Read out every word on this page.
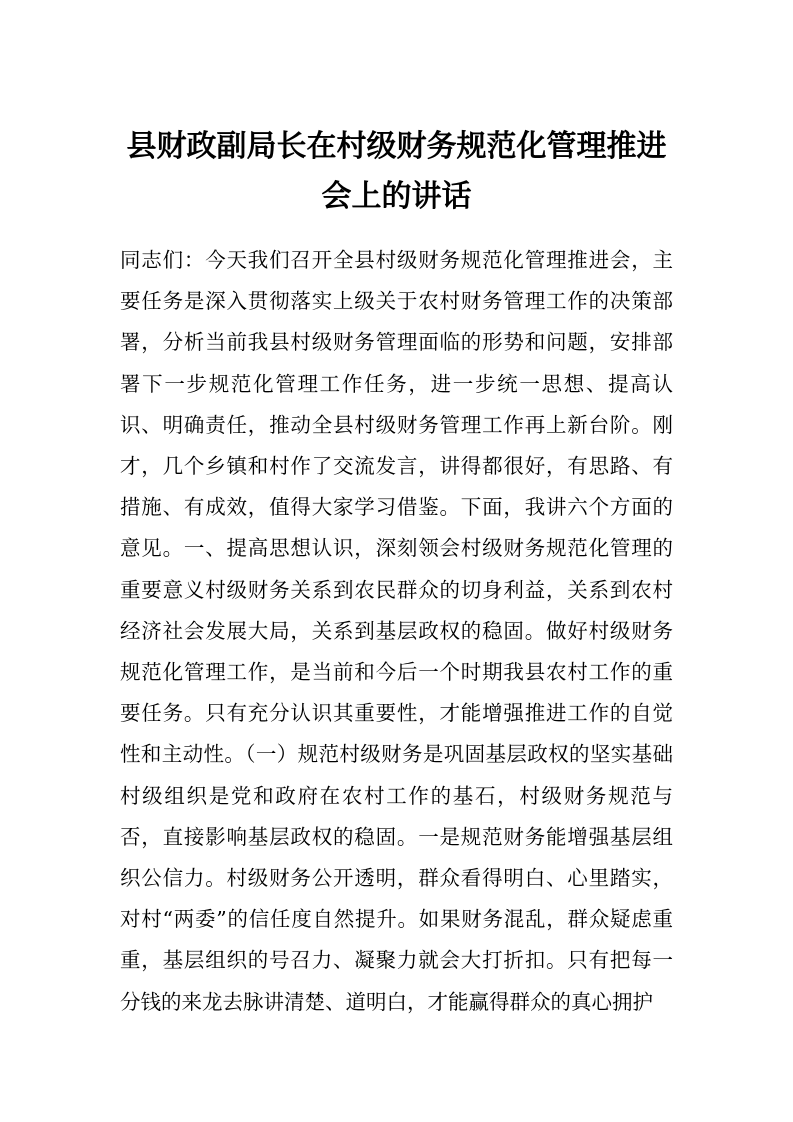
县财政副局长在村级财务规范化管理推进会上的讲话

同志们：今天我们召开全县村级财务规范化管理推进会，主要任务是深入贯彻落实上级关于农村财务管理工作的决策部署，分析当前我县村级财务管理面临的形势和问题，安排部署下一步规范化管理工作任务，进一步统一思想、提高认识、明确责任，推动全县村级财务管理工作再上新台阶。刚才，几个乡镇和村作了交流发言，讲得都很好，有思路、有措施、有成效，值得大家学习借鉴。下面，我讲六个方面的意见。一、提高思想认识，深刻领会村级财务规范化管理的重要意义村级财务关系到农民群众的切身利益，关系到农村经济社会发展大局，关系到基层政权的稳固。做好村级财务规范化管理工作，是当前和今后一个时期我县农村工作的重要任务。只有充分认识其重要性，才能增强推进工作的自觉性和主动性。（一）规范村级财务是巩固基层政权的坚实基础村级组织是党和政府在农村工作的基石，村级财务规范与否，直接影响基层政权的稳固。一是规范财务能增强基层组织公信力。村级财务公开透明，群众看得明白、心里踏实，对村“两委”的信任度自然提升。如果财务混乱，群众疑虑重重，基层组织的号召力、凝聚力就会大打折扣。只有把每一分钱的来龙去脉讲清楚、道明白，才能赢得群众的真心拥护
